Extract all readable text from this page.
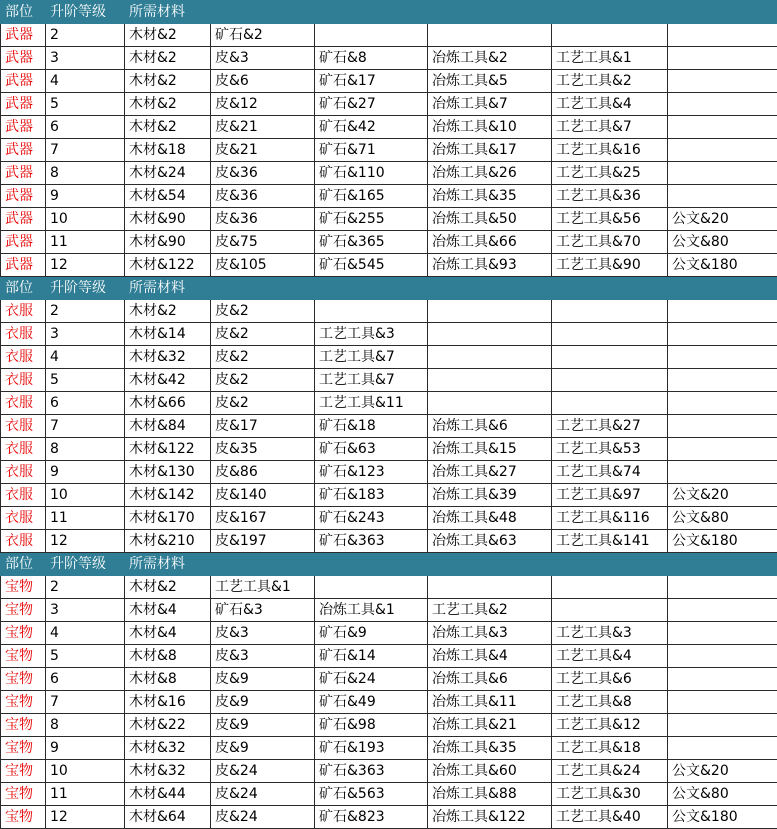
部位	升阶等级	所需材料					
武器	2	木材&2	矿石&2				
武器	3	木材&2	皮&3	矿石&8	冶炼工具&2	工艺工具&1	
武器	4	木材&2	皮&6	矿石&17	冶炼工具&5	工艺工具&2	
武器	5	木材&2	皮&12	矿石&27	冶炼工具&7	工艺工具&4	
武器	6	木材&2	皮&21	矿石&42	冶炼工具&10	工艺工具&7	
武器	7	木材&18	皮&21	矿石&71	冶炼工具&17	工艺工具&16	
武器	8	木材&24	皮&36	矿石&110	冶炼工具&26	工艺工具&25	
武器	9	木材&54	皮&36	矿石&165	冶炼工具&35	工艺工具&36	
武器	10	木材&90	皮&36	矿石&255	冶炼工具&50	工艺工具&56	公文&20
武器	11	木材&90	皮&75	矿石&365	冶炼工具&66	工艺工具&70	公文&80
武器	12	木材&122	皮&105	矿石&545	冶炼工具&93	工艺工具&90	公文&180
部位	升阶等级	所需材料					
衣服	2	木材&2	皮&2				
衣服	3	木材&14	皮&2	工艺工具&3			
衣服	4	木材&32	皮&2	工艺工具&7			
衣服	5	木材&42	皮&2	工艺工具&7			
衣服	6	木材&66	皮&2	工艺工具&11			
衣服	7	木材&84	皮&17	矿石&18	冶炼工具&6	工艺工具&27	
衣服	8	木材&122	皮&35	矿石&63	冶炼工具&15	工艺工具&53	
衣服	9	木材&130	皮&86	矿石&123	冶炼工具&27	工艺工具&74	
衣服	10	木材&142	皮&140	矿石&183	冶炼工具&39	工艺工具&97	公文&20
衣服	11	木材&170	皮&167	矿石&243	冶炼工具&48	工艺工具&116	公文&80
衣服	12	木材&210	皮&197	矿石&363	冶炼工具&63	工艺工具&141	公文&180
部位	升阶等级	所需材料					
宝物	2	木材&2	工艺工具&1				
宝物	3	木材&4	矿石&3	冶炼工具&1	工艺工具&2		
宝物	4	木材&4	皮&3	矿石&9	冶炼工具&3	工艺工具&3	
宝物	5	木材&8	皮&3	矿石&14	冶炼工具&4	工艺工具&4	
宝物	6	木材&8	皮&9	矿石&24	冶炼工具&6	工艺工具&6	
宝物	7	木材&16	皮&9	矿石&49	冶炼工具&11	工艺工具&8	
宝物	8	木材&22	皮&9	矿石&98	冶炼工具&21	工艺工具&12	
宝物	9	木材&32	皮&9	矿石&193	冶炼工具&35	工艺工具&18	
宝物	10	木材&32	皮&24	矿石&363	冶炼工具&60	工艺工具&24	公文&20
宝物	11	木材&44	皮&24	矿石&563	冶炼工具&88	工艺工具&30	公文&80
宝物	12	木材&64	皮&24	矿石&823	冶炼工具&122	工艺工具&40	公文&180
